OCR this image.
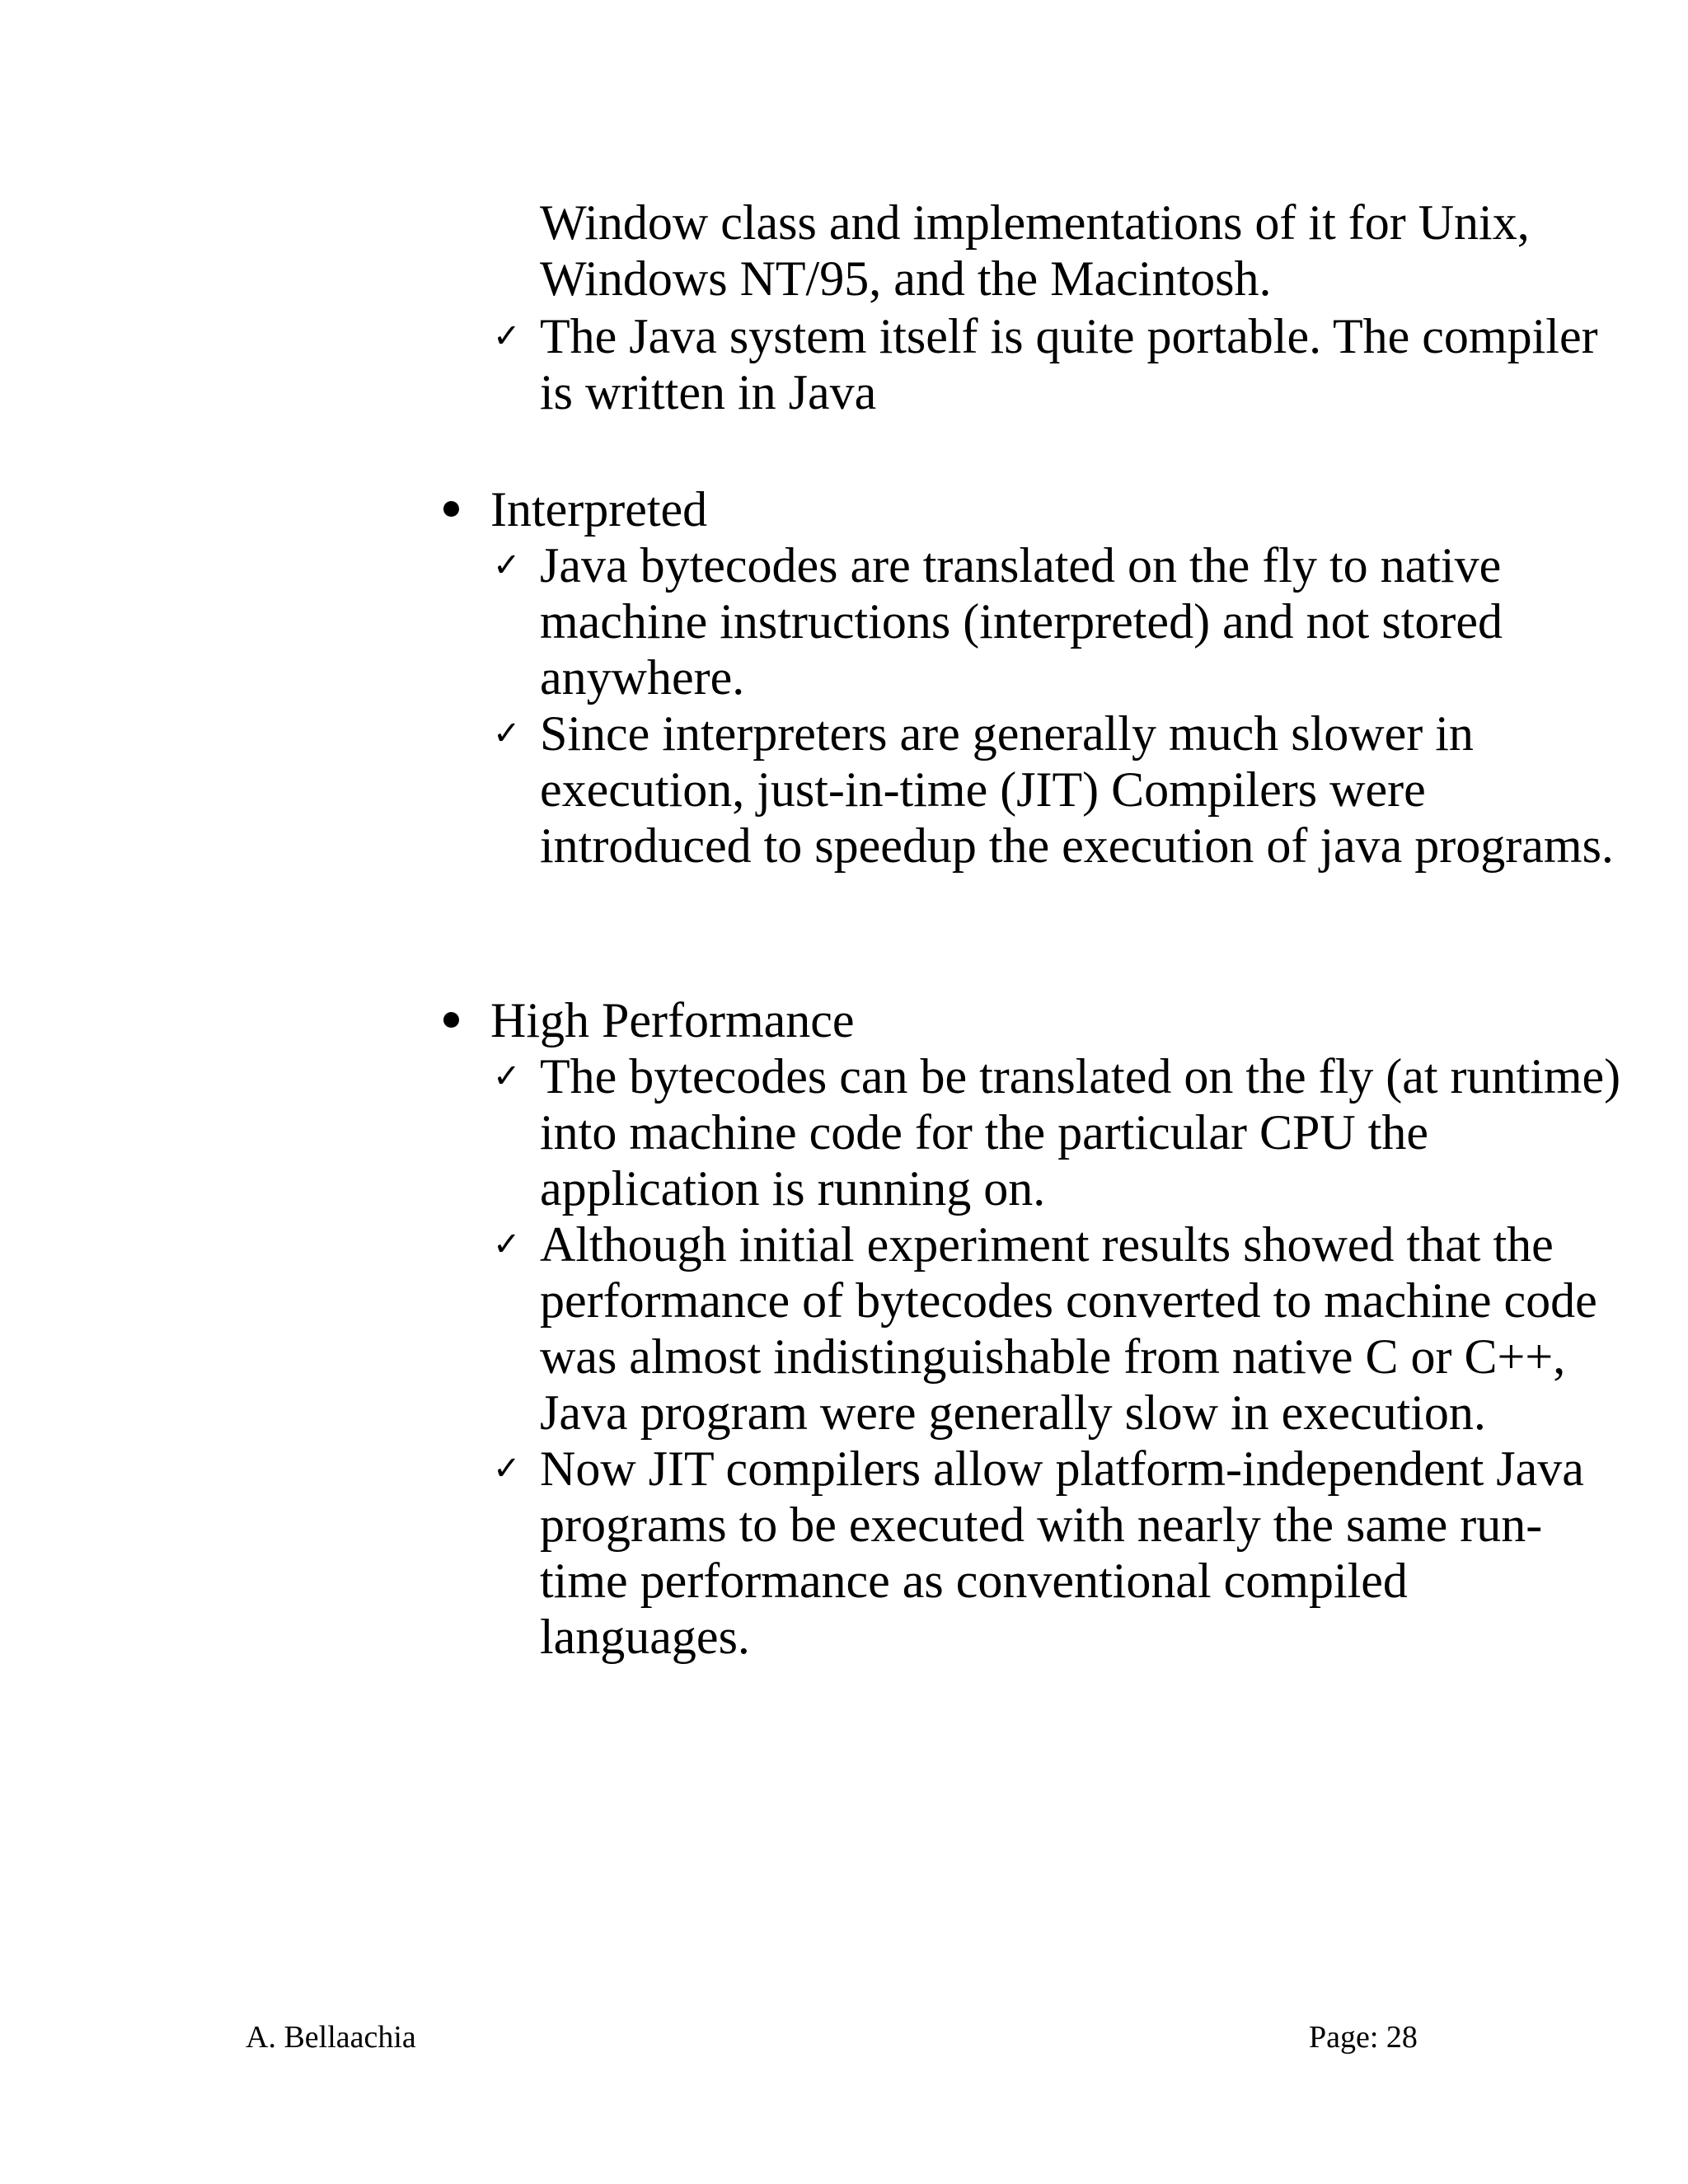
Window class and implementations of it for Unix,
Windows NT/95, and the Macintosh.
✓ The Java system itself is quite portable. The compiler
is written in Java
Interpreted
✓ Java bytecodes are translated on the fly to native
machine instructions (interpreted) and not stored
anywhere.
✓ Since interpreters are generally much slower in
execution, just-in-time (JIT) Compilers were
introduced to speedup the execution of java programs.
High Performance
✓ The bytecodes can be translated on the fly (at runtime)
into machine code for the particular CPU the
application is running on.
✓ Although initial experiment results showed that the
performance of bytecodes converted to machine code
was almost indistinguishable from native C or C++,
Java program were generally slow in execution.
✓ Now JIT compilers allow platform-independent Java
programs to be executed with nearly the same run-
time performance as conventional compiled
languages.
A. Bellaachia	Page: 28
